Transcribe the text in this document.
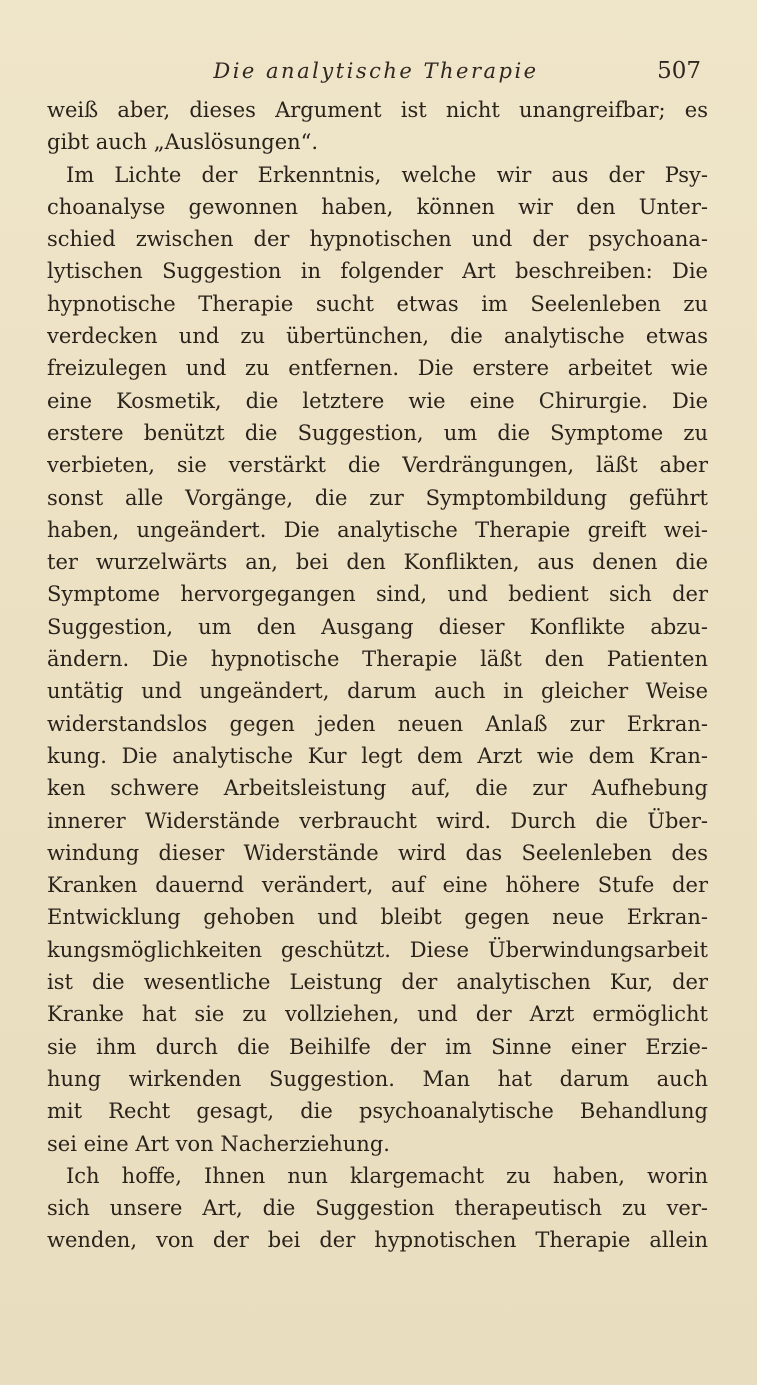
Die analytische Therapie	507
weiß aber, dieses Argument ist nicht unangreifbar; es
gibt auch „Auslösungen“.
Im Lichte der Erkenntnis, welche wir aus der Psy-
choanalyse gewonnen haben, können wir den Unter-
schied zwischen der hypnotischen und der psychoana-
lytischen Suggestion in folgender Art beschreiben: Die
hypnotische Therapie sucht etwas im Seelenleben zu
verdecken und zu übertünchen, die analytische etwas
freizulegen und zu entfernen. Die erstere arbeitet wie
eine Kosmetik, die letztere wie eine Chirurgie. Die
erstere benützt die Suggestion, um die Symptome zu
verbieten, sie verstärkt die Verdrängungen, läßt aber
sonst alle Vorgänge, die zur Symptombildung geführt
haben, ungeändert. Die analytische Therapie greift wei-
ter wurzelwärts an, bei den Konflikten, aus denen die
Symptome hervorgegangen sind, und bedient sich der
Suggestion, um den Ausgang dieser Konflikte abzu-
ändern. Die hypnotische Therapie läßt den Patienten
untätig und ungeändert, darum auch in gleicher Weise
widerstandslos gegen jeden neuen Anlaß zur Erkran-
kung. Die analytische Kur legt dem Arzt wie dem Kran-
ken schwere Arbeitsleistung auf, die zur Aufhebung
innerer Widerstände verbraucht wird. Durch die Über-
windung dieser Widerstände wird das Seelenleben des
Kranken dauernd verändert, auf eine höhere Stufe der
Entwicklung gehoben und bleibt gegen neue Erkran-
kungsmöglichkeiten geschützt. Diese Überwindungsarbeit
ist die wesentliche Leistung der analytischen Kur, der
Kranke hat sie zu vollziehen, und der Arzt ermöglicht
sie ihm durch die Beihilfe der im Sinne einer Erzie-
hung wirkenden Suggestion. Man hat darum auch
mit Recht gesagt, die psychoanalytische Behandlung
sei eine Art von Nacherziehung.
Ich hoffe, Ihnen nun klargemacht zu haben, worin
sich unsere Art, die Suggestion therapeutisch zu ver-
wenden, von der bei der hypnotischen Therapie allein
